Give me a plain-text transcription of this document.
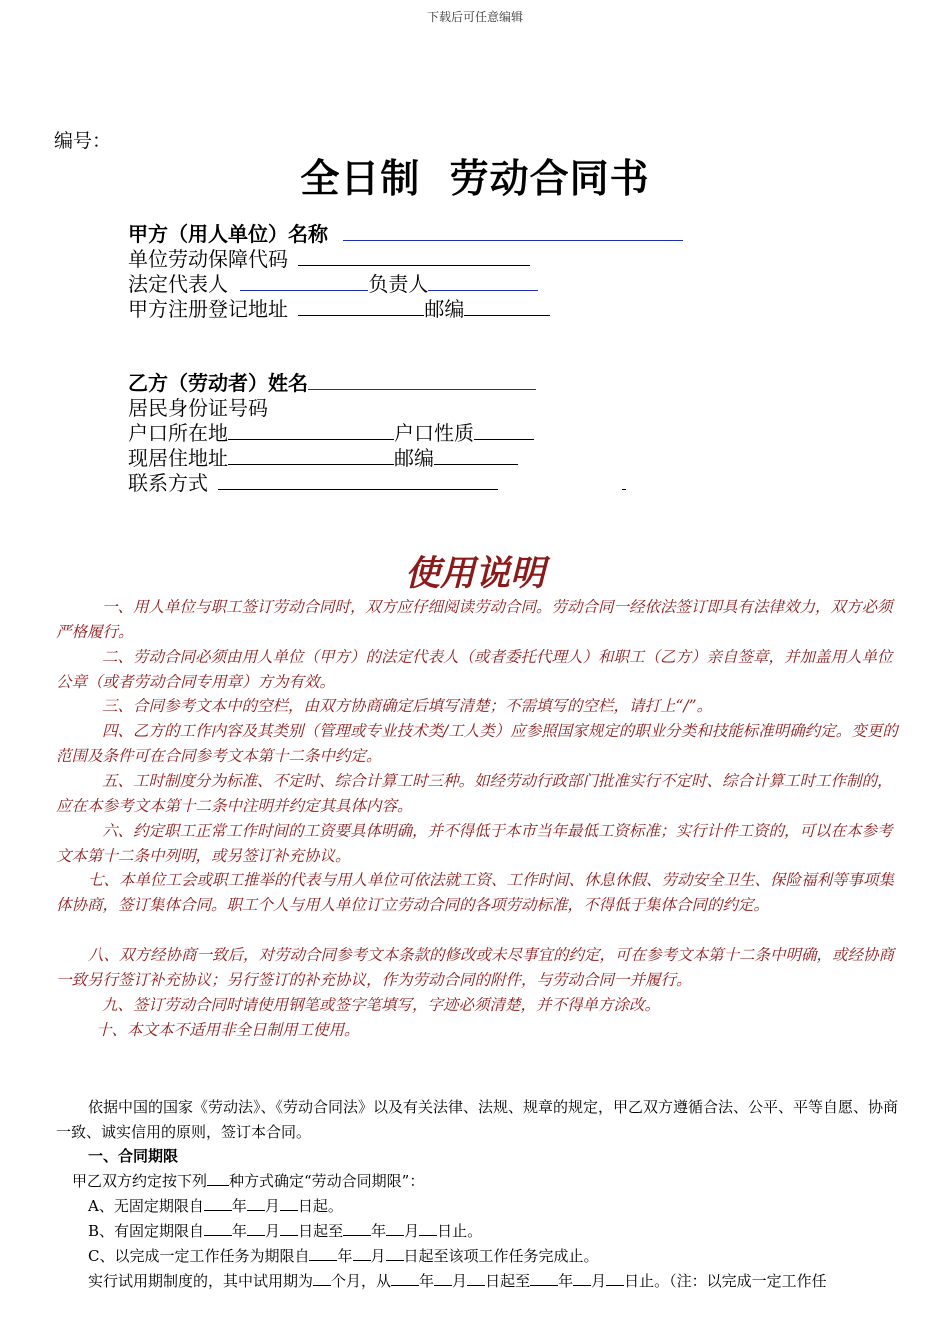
下载后可任意编辑
编号：
全日制  劳动合同书
甲方（用人单位）名称
单位劳动保障代码
法定代表人	负责人
甲方注册登记地址	邮编
乙方（劳动者）姓名
居民身份证号码
户口所在地	户口性质
现居住地址	邮编
联系方式
使用说明
一、用人单位与职工签订劳动合同时，双方应仔细阅读劳动合同。劳动合同一经依法签订即具有法律效力，双方必须严格履行。
二、劳动合同必须由用人单位（甲方）的法定代表人（或者委托代理人）和职工（乙方）亲自签章，并加盖用人单位公章（或者劳动合同专用章）方为有效。
三、合同参考文本中的空栏，由双方协商确定后填写清楚；不需填写的空栏，请打上“/”。
四、乙方的工作内容及其类别（管理或专业技术类/工人类）应参照国家规定的职业分类和技能标准明确约定。变更的范围及条件可在合同参考文本第十二条中约定。
五、工时制度分为标准、不定时、综合计算工时三种。如经劳动行政部门批准实行不定时、综合计算工时工作制的，应在本参考文本第十二条中注明并约定其具体内容。
六、约定职工正常工作时间的工资要具体明确，并不得低于本市当年最低工资标准；实行计件工资的，可以在本参考文本第十二条中列明，或另签订补充协议。
七、本单位工会或职工推举的代表与用人单位可依法就工资、工作时间、休息休假、劳动安全卫生、保险福利等事项集体协商，签订集体合同。职工个人与用人单位订立劳动合同的各项劳动标准，不得低于集体合同的约定。
八、双方经协商一致后，对劳动合同参考文本条款的修改或未尽事宜的约定，可在参考文本第十二条中明确，或经协商一致另行签订补充协议；另行签订的补充协议，作为劳动合同的附件，与劳动合同一并履行。
九、签订劳动合同时请使用钢笔或签字笔填写，字迹必须清楚，并不得单方涂改。
十、本文本不适用非全日制用工使用。
依据中国的国家《劳动法》、《劳动合同法》以及有关法律、法规、规章的规定，甲乙双方遵循合法、公平、平等自愿、协商一致、诚实信用的原则，签订本合同。
一、合同期限
甲乙双方约定按下列 种方式确定“劳动合同期限”：
A、无固定期限自 年 月 日起。
B、有固定期限自 年 月 日起至 年 月 日止。
C、以完成一定工作任务为期限自 年 月 日起至该项工作任务完成止。
实行试用期制度的，其中试用期为 个月，从 年 月 日起至 年 月 日止。（注：以完成一定工作任
